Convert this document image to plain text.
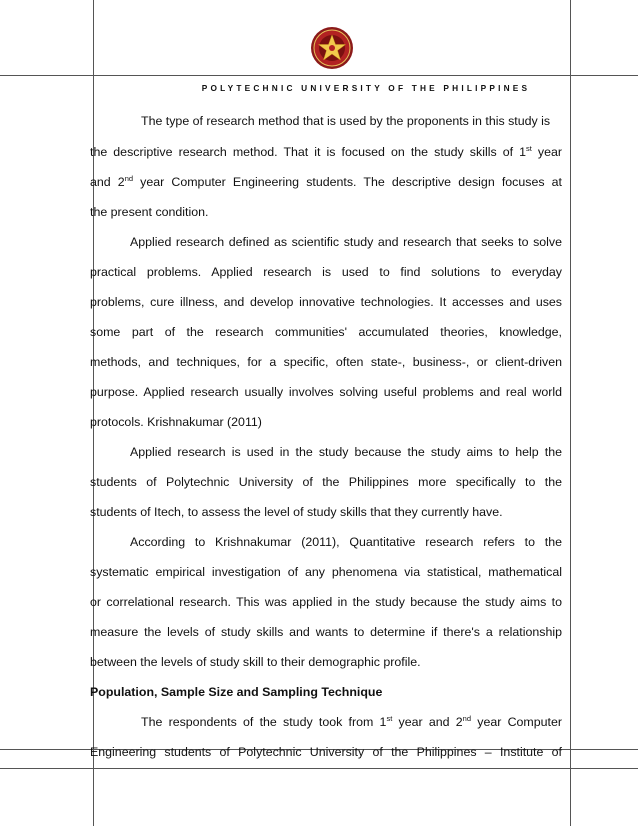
POLYTECHNIC UNIVERSITY OF THE PHILIPPINES
The type of research method that is used by the proponents in this study is
the descriptive research method. That it is focused on the study skills of 1st year
and 2nd year Computer Engineering students. The descriptive design focuses at
the present condition.
Applied research defined as scientific study and research that seeks to solve
practical problems. Applied research is used to find solutions to everyday
problems, cure illness, and develop innovative technologies. It accesses and uses
some part of the research communities' accumulated theories, knowledge,
methods, and techniques, for a specific, often state-, business-, or client-driven
purpose. Applied research usually involves solving useful problems and real world
protocols. Krishnakumar (2011)
Applied research is used in the study because the study aims to help the
students of Polytechnic University of the Philippines more specifically to the
students of Itech, to assess the level of study skills that they currently have.
According to Krishnakumar (2011), Quantitative research refers to the
systematic empirical investigation of any phenomena via statistical, mathematical
or correlational research. This was applied in the study because the study aims to
measure the levels of study skills and wants to determine if there's a relationship
between the levels of study skill to their demographic profile.
Population, Sample Size and Sampling Technique
The respondents of the study took from 1st year and 2nd year Computer
Engineering students of Polytechnic University of the Philippines – Institute of
